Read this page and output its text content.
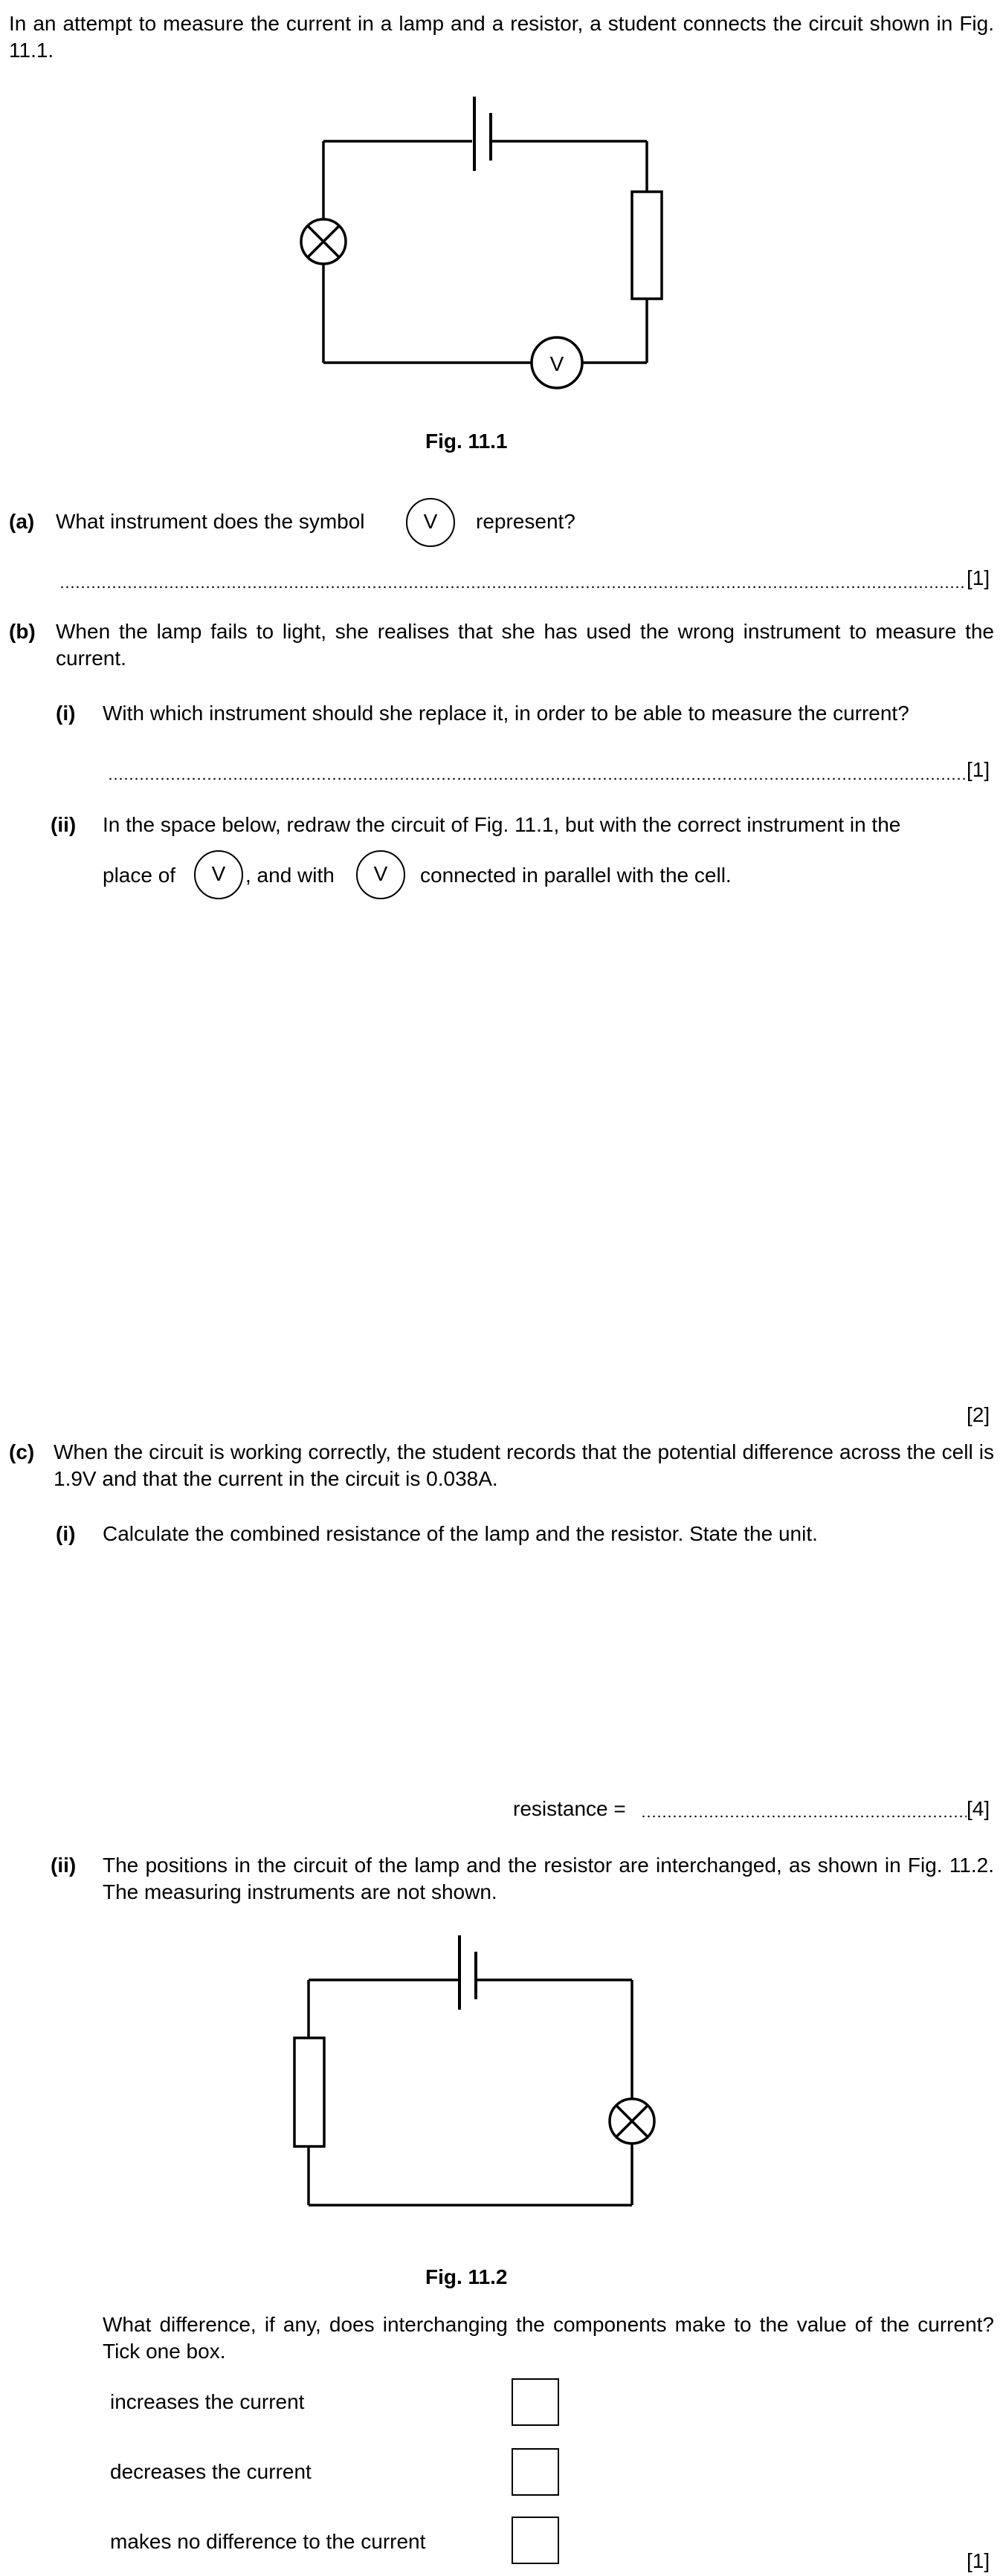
In an attempt to measure the current in a lamp and a resistor, a student connects the circuit shown in Fig. 11.1.
V
Fig. 11.1
(a) What instrument does the symbol	V	represent?
[1]
(b) When the lamp fails to light, she realises that she has used the wrong instrument to measure the current.
(i) With which instrument should she replace it, in order to be able to measure the current?
[1]
(ii) In the space below, redraw the circuit of Fig. 11.1, but with the correct instrument in the
place of	V , and with	V	connected in parallel with the cell.
[2]
(c) When the circuit is working correctly, the student records that the potential difference across the cell is 1.9V and that the current in the circuit is 0.038A.
(i) Calculate the combined resistance of the lamp and the resistor. State the unit.
resistance =	[4]
(ii) The positions in the circuit of the lamp and the resistor are interchanged, as shown in Fig. 11.2. The measuring instruments are not shown.
Fig. 11.2
What difference, if any, does interchanging the components make to the value of the current? Tick one box.
increases the current
decreases the current
makes no difference to the current
[1]
